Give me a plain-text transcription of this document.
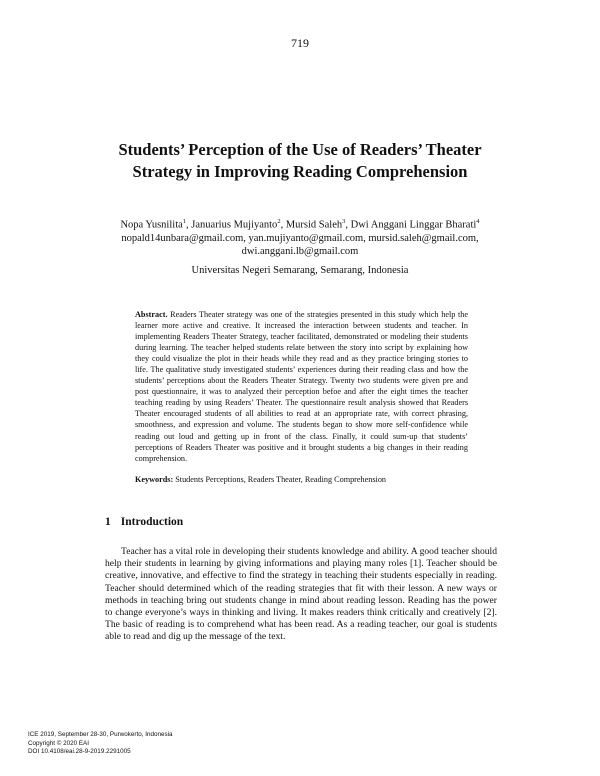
719
Students’ Perception of the Use of Readers’ Theater Strategy in Improving Reading Comprehension
Nopa Yusnilita$^1$, Januarius Mujiyanto$^2$, Mursid Saleh$^3$, Dwi Anggani Linggar Bharati$^4$
nopald14unbara@gmail.com, yan.mujiyanto@gmail.com, mursid.saleh@gmail.com,
dwi.anggani.lb@gmail.com
Universitas Negeri Semarang, Semarang, Indonesia

Abstract. Readers Theater strategy was one of the strategies presented in this study which help the learner more active and creative. It increased the interaction between students and teacher. In implementing Readers Theater Strategy, teacher facilitated, demonstrated or modeling their students during learning. The teacher helped students relate between the story into script by explaining how they could visualize the plot in their heads while they read and as they practice bringing stories to life. The qualitative study investigated students’ experiences during their reading class and how the students’ perceptions about the Readers Theater Strategy. Twenty two students were given pre and post questionnaire, it was to analyzed their perception befoe and after the eight times the teacher teaching reading by using Readers’ Theater. The questionnaire result analysis showed that Readers Theater encouraged students of all abilities to read at an appropriate rate, with correct phrasing, smoothness, and expression and volume. The students began to show more self-confidence while reading out loud and getting up in front of the class. Finally, it could sum-up that students’ perceptions of Readers Theater was positive and it brought students a big changes in their reading comprehension.

Keywords: Students Perceptions, Readers Theater, Reading Comprehension

1 Introduction

Teacher has a vital role in developing their students knowledge and ability. A good teacher should help their students in learning by giving informations and playing many roles [1]. Teacher should be creative, innovative, and effective to find the strategy in teaching their students especially in reading. Teacher should determined which of the reading strategies that fit with their lesson. A new ways or methods in teaching bring out students change in mind about reading lesson. Reading has the power to change everyone’s ways in thinking and living. It makes readers think critically and creatively [2]. The basic of reading is to comprehend what has been read. As a reading teacher, our goal is students able to read and dig up the message of the text.

ICE 2019, September 28-30, Purwokerto, Indonesia
Copyright © 2020 EAI
DOI 10.4108/eai.28-9-2019.2291005
